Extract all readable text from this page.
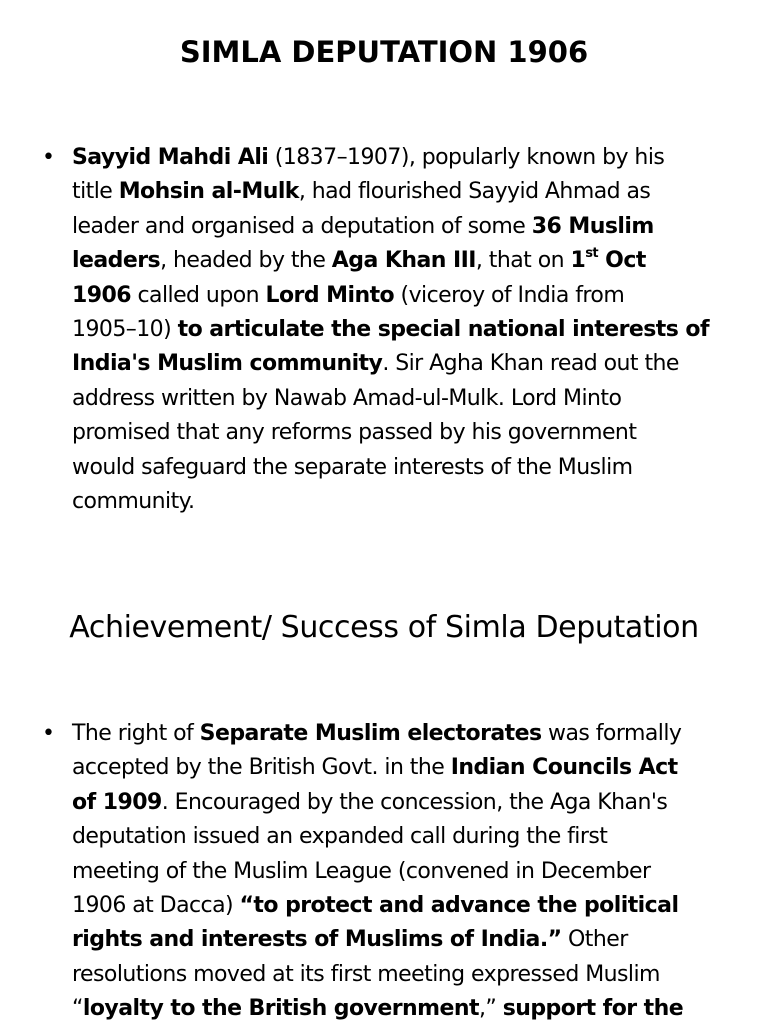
SIMLA DEPUTATION 1906
• Sayyid Mahdi Ali (1837–1907), popularly known by his
title Mohsin al-Mulk, had flourished Sayyid Ahmad as
leader and organised a deputation of some 36 Muslim
leaders, headed by the Aga Khan III, that on 1st Oct
1906 called upon Lord Minto (viceroy of India from
1905–10) to articulate the special national interests of
India's Muslim community. Sir Agha Khan read out the
address written by Nawab Amad-ul-Mulk. Lord Minto
promised that any reforms passed by his government
would safeguard the separate interests of the Muslim
community.

Achievement/ Success of Simla Deputation
• The right of Separate Muslim electorates was formally
accepted by the British Govt. in the Indian Councils Act
of 1909. Encouraged by the concession, the Aga Khan's
deputation issued an expanded call during the first
meeting of the Muslim League (convened in December
1906 at Dacca) “to protect and advance the political
rights and interests of Muslims of India.” Other
resolutions moved at its first meeting expressed Muslim
“loyalty to the British government,” support for the
